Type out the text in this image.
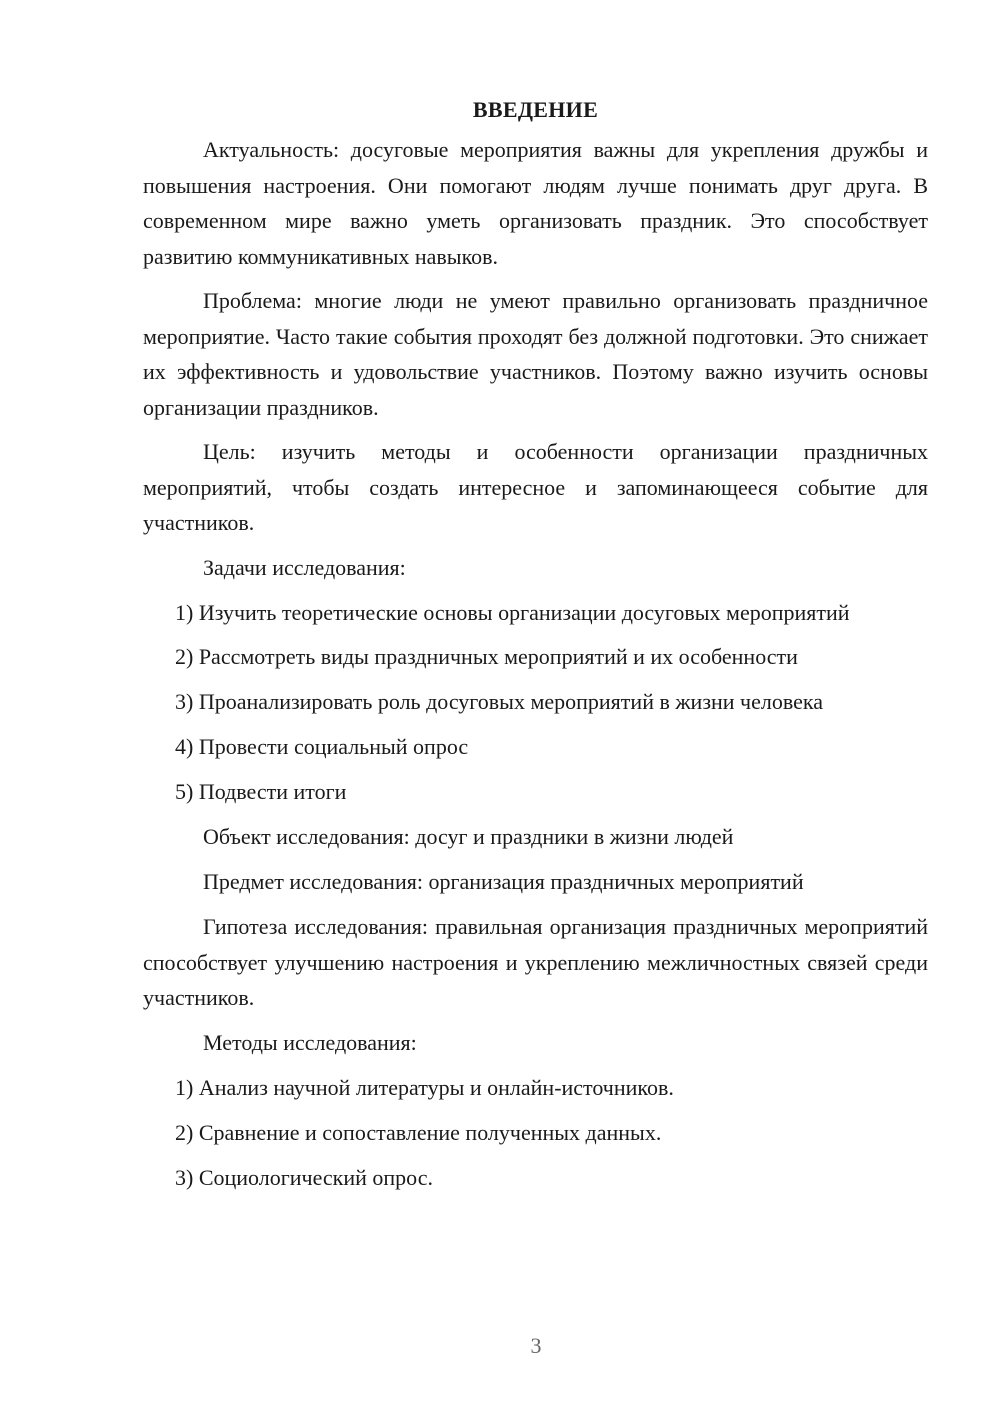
ВВЕДЕНИЕ

Актуальность: досуговые мероприятия важны для укрепления дружбы и повышения настроения. Они помогают людям лучше понимать друг друга. В современном мире важно уметь организовать праздник. Это способствует развитию коммуникативных навыков.

Проблема: многие люди не умеют правильно организовать праздничное мероприятие. Часто такие события проходят без должной подготовки. Это снижает их эффективность и удовольствие участников. Поэтому важно изучить основы организации праздников.

Цель: изучить методы и особенности организации праздничных мероприятий, чтобы создать интересное и запоминающееся событие для участников.

Задачи исследования:

1) Изучить теоретические основы организации досуговых мероприятий

2) Рассмотреть виды праздничных мероприятий и их особенности

3) Проанализировать роль досуговых мероприятий в жизни человека

4) Провести социальный опрос

5) Подвести итоги

Объект исследования: досуг и праздники в жизни людей

Предмет исследования: организация праздничных мероприятий

Гипотеза исследования: правильная организация праздничных мероприятий способствует улучшению настроения и укреплению межличностных связей среди участников.

Методы исследования:

1) Анализ научной литературы и онлайн-источников.

2) Сравнение и сопоставление полученных данных.

3) Социологический опрос.

3
